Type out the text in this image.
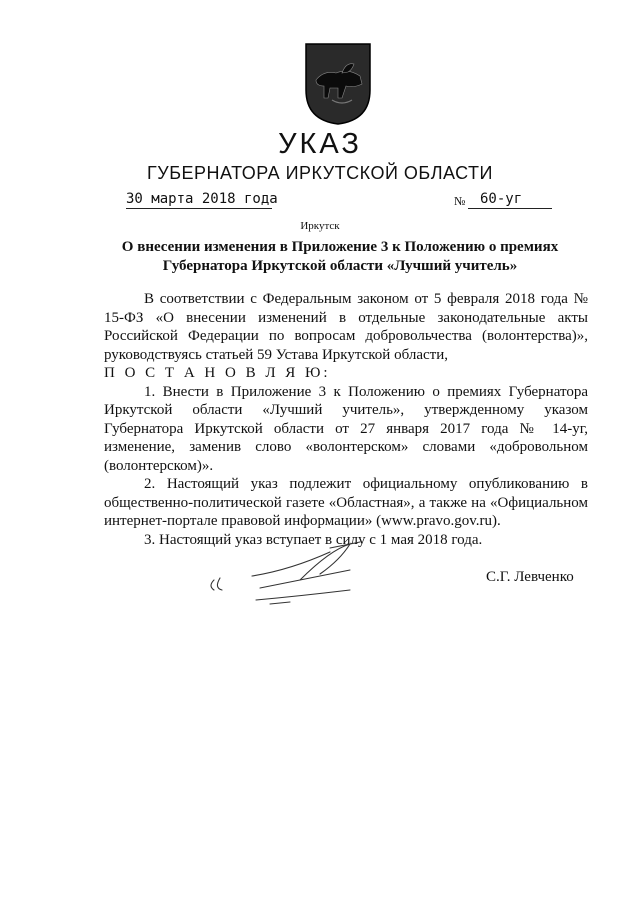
УКАЗ
ГУБЕРНАТОРА ИРКУТСКОЙ ОБЛАСТИ
30 марта 2018 года	№ 60-уг
Иркутск
О внесении изменения в Приложение 3 к Положению о премиях
Губернатора Иркутской области «Лучший учитель»

В соответствии с Федеральным законом от 5 февраля 2018 года № 15-ФЗ «О внесении изменений в отдельные законодательные акты Российской Федерации по вопросам добровольчества (волонтерства)», руководствуясь статьей 59 Устава Иркутской области,

П О С Т А Н О В Л Я Ю:

1. Внести в Приложение 3 к Положению о премиях Губернатора Иркутской области «Лучший учитель», утвержденному указом Губернатора Иркутской области от 27 января 2017 года № 14-уг, изменение, заменив слово «волонтерском» словами «добровольном (волонтерском)».

2. Настоящий указ подлежит официальному опубликованию в общественно-политической газете «Областная», а также на «Официальном интернет-портале правовой информации» (www.pravo.gov.ru).

3. Настоящий указ вступает в силу с 1 мая 2018 года.

С.Г. Левченко
